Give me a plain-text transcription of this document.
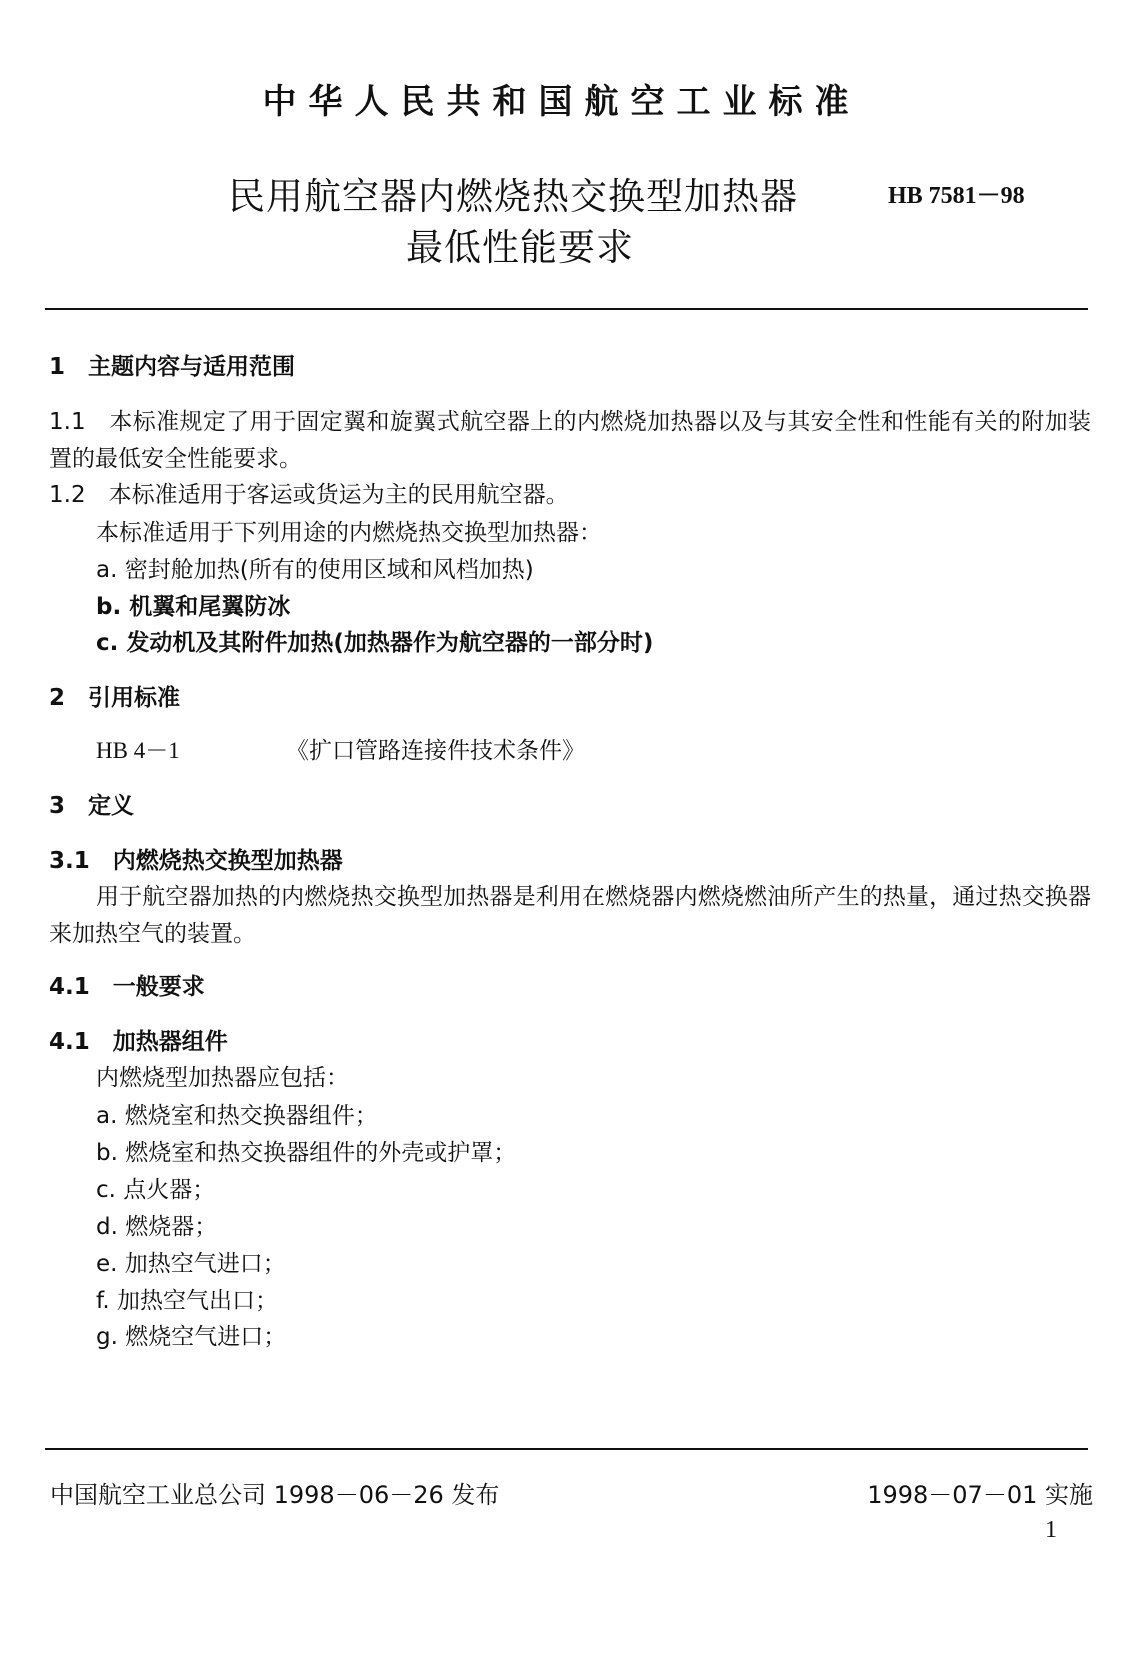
中华人民共和国航空工业标准
民用航空器内燃烧热交换型加热器
最低性能要求
HB 7581－98
1　主题内容与适用范围
1.1　本标准规定了用于固定翼和旋翼式航空器上的内燃烧加热器以及与其安全性和性能有关的附加装置的最低安全性能要求。
1.2　本标准适用于客运或货运为主的民用航空器。
本标准适用于下列用途的内燃烧热交换型加热器：
a. 密封舱加热(所有的使用区域和风档加热)
b. 机翼和尾翼防冰
c. 发动机及其附件加热(加热器作为航空器的一部分时)
2　引用标准
HB 4－1	《扩口管路连接件技术条件》
3　定义
3.1　内燃烧热交换型加热器
用于航空器加热的内燃烧热交换型加热器是利用在燃烧器内燃烧燃油所产生的热量，通过热交换器来加热空气的装置。
4.1　一般要求
4.1　加热器组件
内燃烧型加热器应包括：
a. 燃烧室和热交换器组件；
b. 燃烧室和热交换器组件的外壳或护罩；
c. 点火器；
d. 燃烧器；
e. 加热空气进口；
f. 加热空气出口；
g. 燃烧空气进口；
中国航空工业总公司 1998－06－26 发布	1998－07－01 实施
1
